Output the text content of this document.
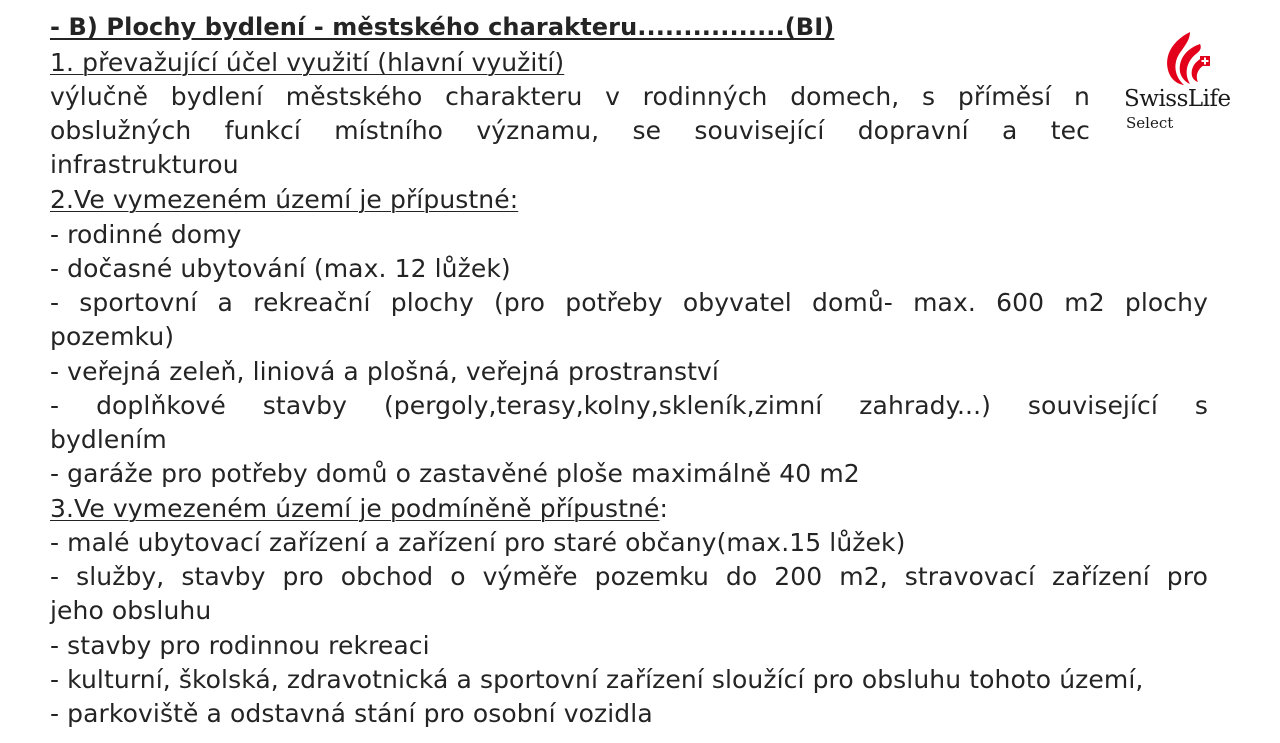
- B) Plochy bydlení - městského charakteru................(BI)
1. převažující účel využití (hlavní využití)
výlučně bydlení městského charakteru v rodinných domech, s příměsí n
obslužných funkcí místního významu, se související dopravní a tec
infrastrukturou
2.Ve vymezeném území je přípustné:
- rodinné domy
- dočasné ubytování (max. 12 lůžek)
- sportovní a rekreační plochy (pro potřeby obyvatel domů- max. 600 m2 plochy
pozemku)
- veřejná zeleň, liniová a plošná, veřejná prostranství
- doplňkové stavby (pergoly,terasy,kolny,skleník,zimní zahrady...) související s
bydlením
- garáže pro potřeby domů o zastavěné ploše maximálně 40 m2
3.Ve vymezeném území je podmíněně přípustné:
- malé ubytovací zařízení a zařízení pro staré občany(max.15 lůžek)
- služby, stavby pro obchod o výměře pozemku do 200 m2, stravovací zařízení pro
jeho obsluhu
- stavby pro rodinnou rekreaci
- kulturní, školská, zdravotnická a sportovní zařízení sloužící pro obsluhu tohoto území,
- parkoviště a odstavná stání pro osobní vozidla
SwissLife
Select
